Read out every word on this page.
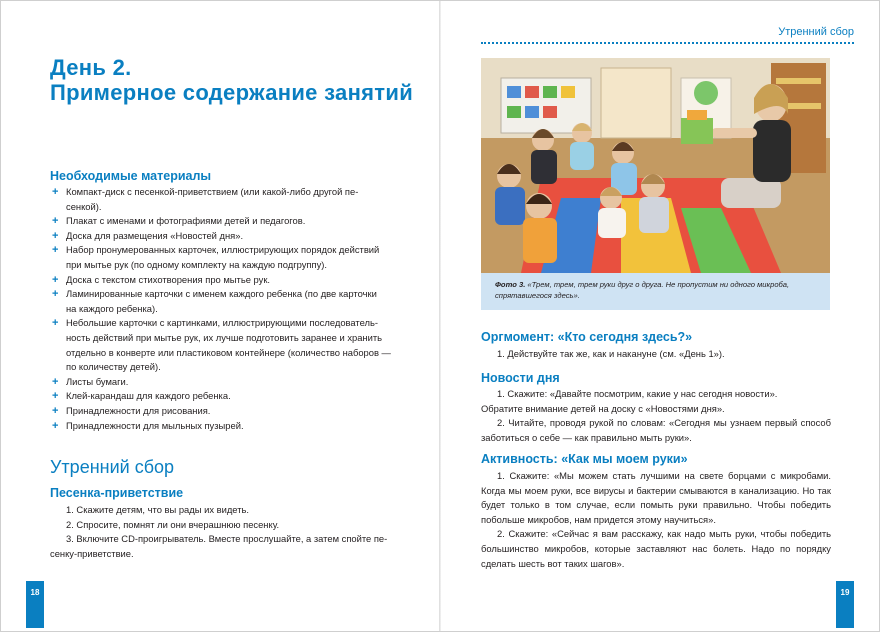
День 2.
Примерное содержание занятий
Необходимые материалы
+ Компакт-диск с песенкой-приветствием (или какой-либо другой пе-
сенкой).
+ Плакат с именами и фотографиями детей и педагогов.
+ Доска для размещения «Новостей дня».
+ Набор пронумерованных карточек, иллюстрирующих порядок действий
при мытье рук (по одному комплекту на каждую подгруппу).
+ Доска с текстом стихотворения про мытье рук.
+ Ламинированные карточки с именем каждого ребенка (по две карточки
на каждого ребенка).
+ Небольшие карточки с картинками, иллюстрирующими последователь-
ность действий при мытье рук, их лучше подготовить заранее и хранить
отдельно в конверте или пластиковом контейнере (количество наборов —
по количеству детей).
+ Листы бумаги.
+ Клей-карандаш для каждого ребенка.
+ Принадлежности для рисования.
+ Принадлежности для мыльных пузырей.
Утренний сбор
Песенка-приветствие

1. Скажите детям, что вы рады их видеть.

2. Спросите, помнят ли они вчерашнюю песенку.

3. Включите CD-проигрыватель. Вместе прослушайте, а затем спойте пе-
сенку-приветствие.

18
Утренний сбор
Фото 3. «Трем, трем, трем руки друг о друга. Не пропустим ни одного микроба, спрятавшегося здесь».
Оргмомент: «Кто сегодня здесь?»

1. Действуйте так же, как и накануне (см. «День 1»).

Новости дня

1. Скажите: «Давайте посмотрим, какие у нас сегодня новости».
Обратите внимание детей на доску с «Новостями дня».

2. Читайте, проводя рукой по словам: «Сегодня мы узнаем первый способ заботиться о себе — как правильно мыть руки».

Активность: «Как мы моем руки»

1. Скажите: «Мы можем стать лучшими на свете борцами с микробами. Когда мы моем руки, все вирусы и бактерии смываются в канализацию. Но так будет только в том случае, если помыть руки правильно. Чтобы победить побольше микробов, нам придется этому научиться».

2. Скажите: «Сейчас я вам расскажу, как надо мыть руки, чтобы победить большинство микробов, которые заставляют нас болеть. Надо по порядку сделать шесть вот таких шагов».

19
